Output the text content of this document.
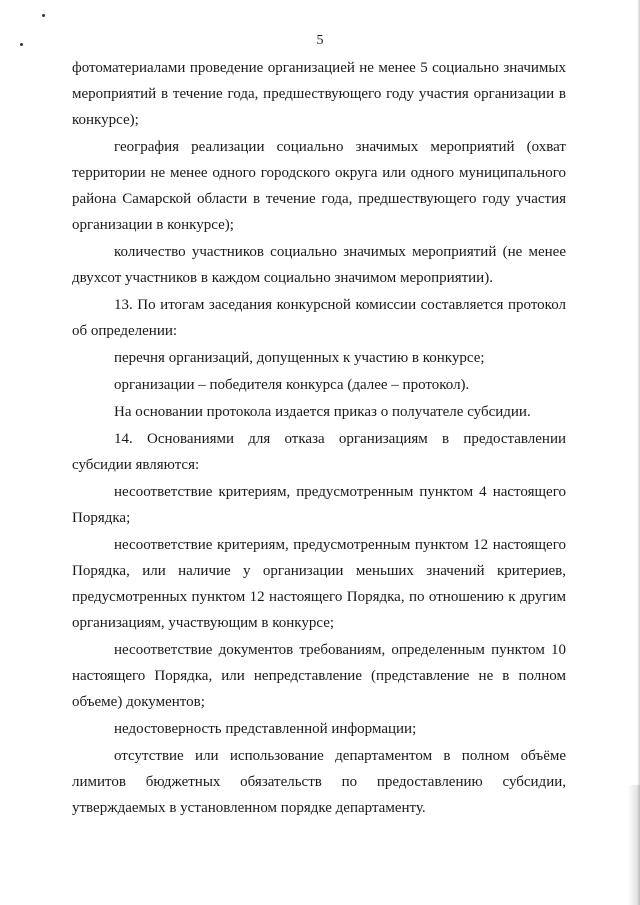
5

фотоматериалами проведение организацией не менее 5 социально значимых мероприятий в течение года, предшествующего году участия организации в конкурсе);

география реализации социально значимых мероприятий (охват территории не менее одного городского округа или одного муниципального района Самарской области в течение года, предшествующего году участия организации в конкурсе);

количество участников социально значимых мероприятий (не менее двухсот участников в каждом социально значимом мероприятии).

13. По итогам заседания конкурсной комиссии составляется протокол об определении:

перечня организаций, допущенных к участию в конкурсе;

организации – победителя конкурса (далее – протокол).

На основании протокола издается приказ о получателе субсидии.

14. Основаниями для отказа организациям в предоставлении субсидии являются:

несоответствие критериям, предусмотренным пунктом 4 настоящего Порядка;

несоответствие критериям, предусмотренным пунктом 12 настоящего Порядка, или наличие у организации меньших значений критериев, предусмотренных пунктом 12 настоящего Порядка, по отношению к другим организациям, участвующим в конкурсе;

несоответствие документов требованиям, определенным пунктом 10 настоящего Порядка, или непредставление (представление не в полном объеме) документов;

недостоверность представленной информации;

отсутствие или использование департаментом в полном объёме лимитов бюджетных обязательств по предоставлению субсидии, утверждаемых в установленном порядке департаменту.
